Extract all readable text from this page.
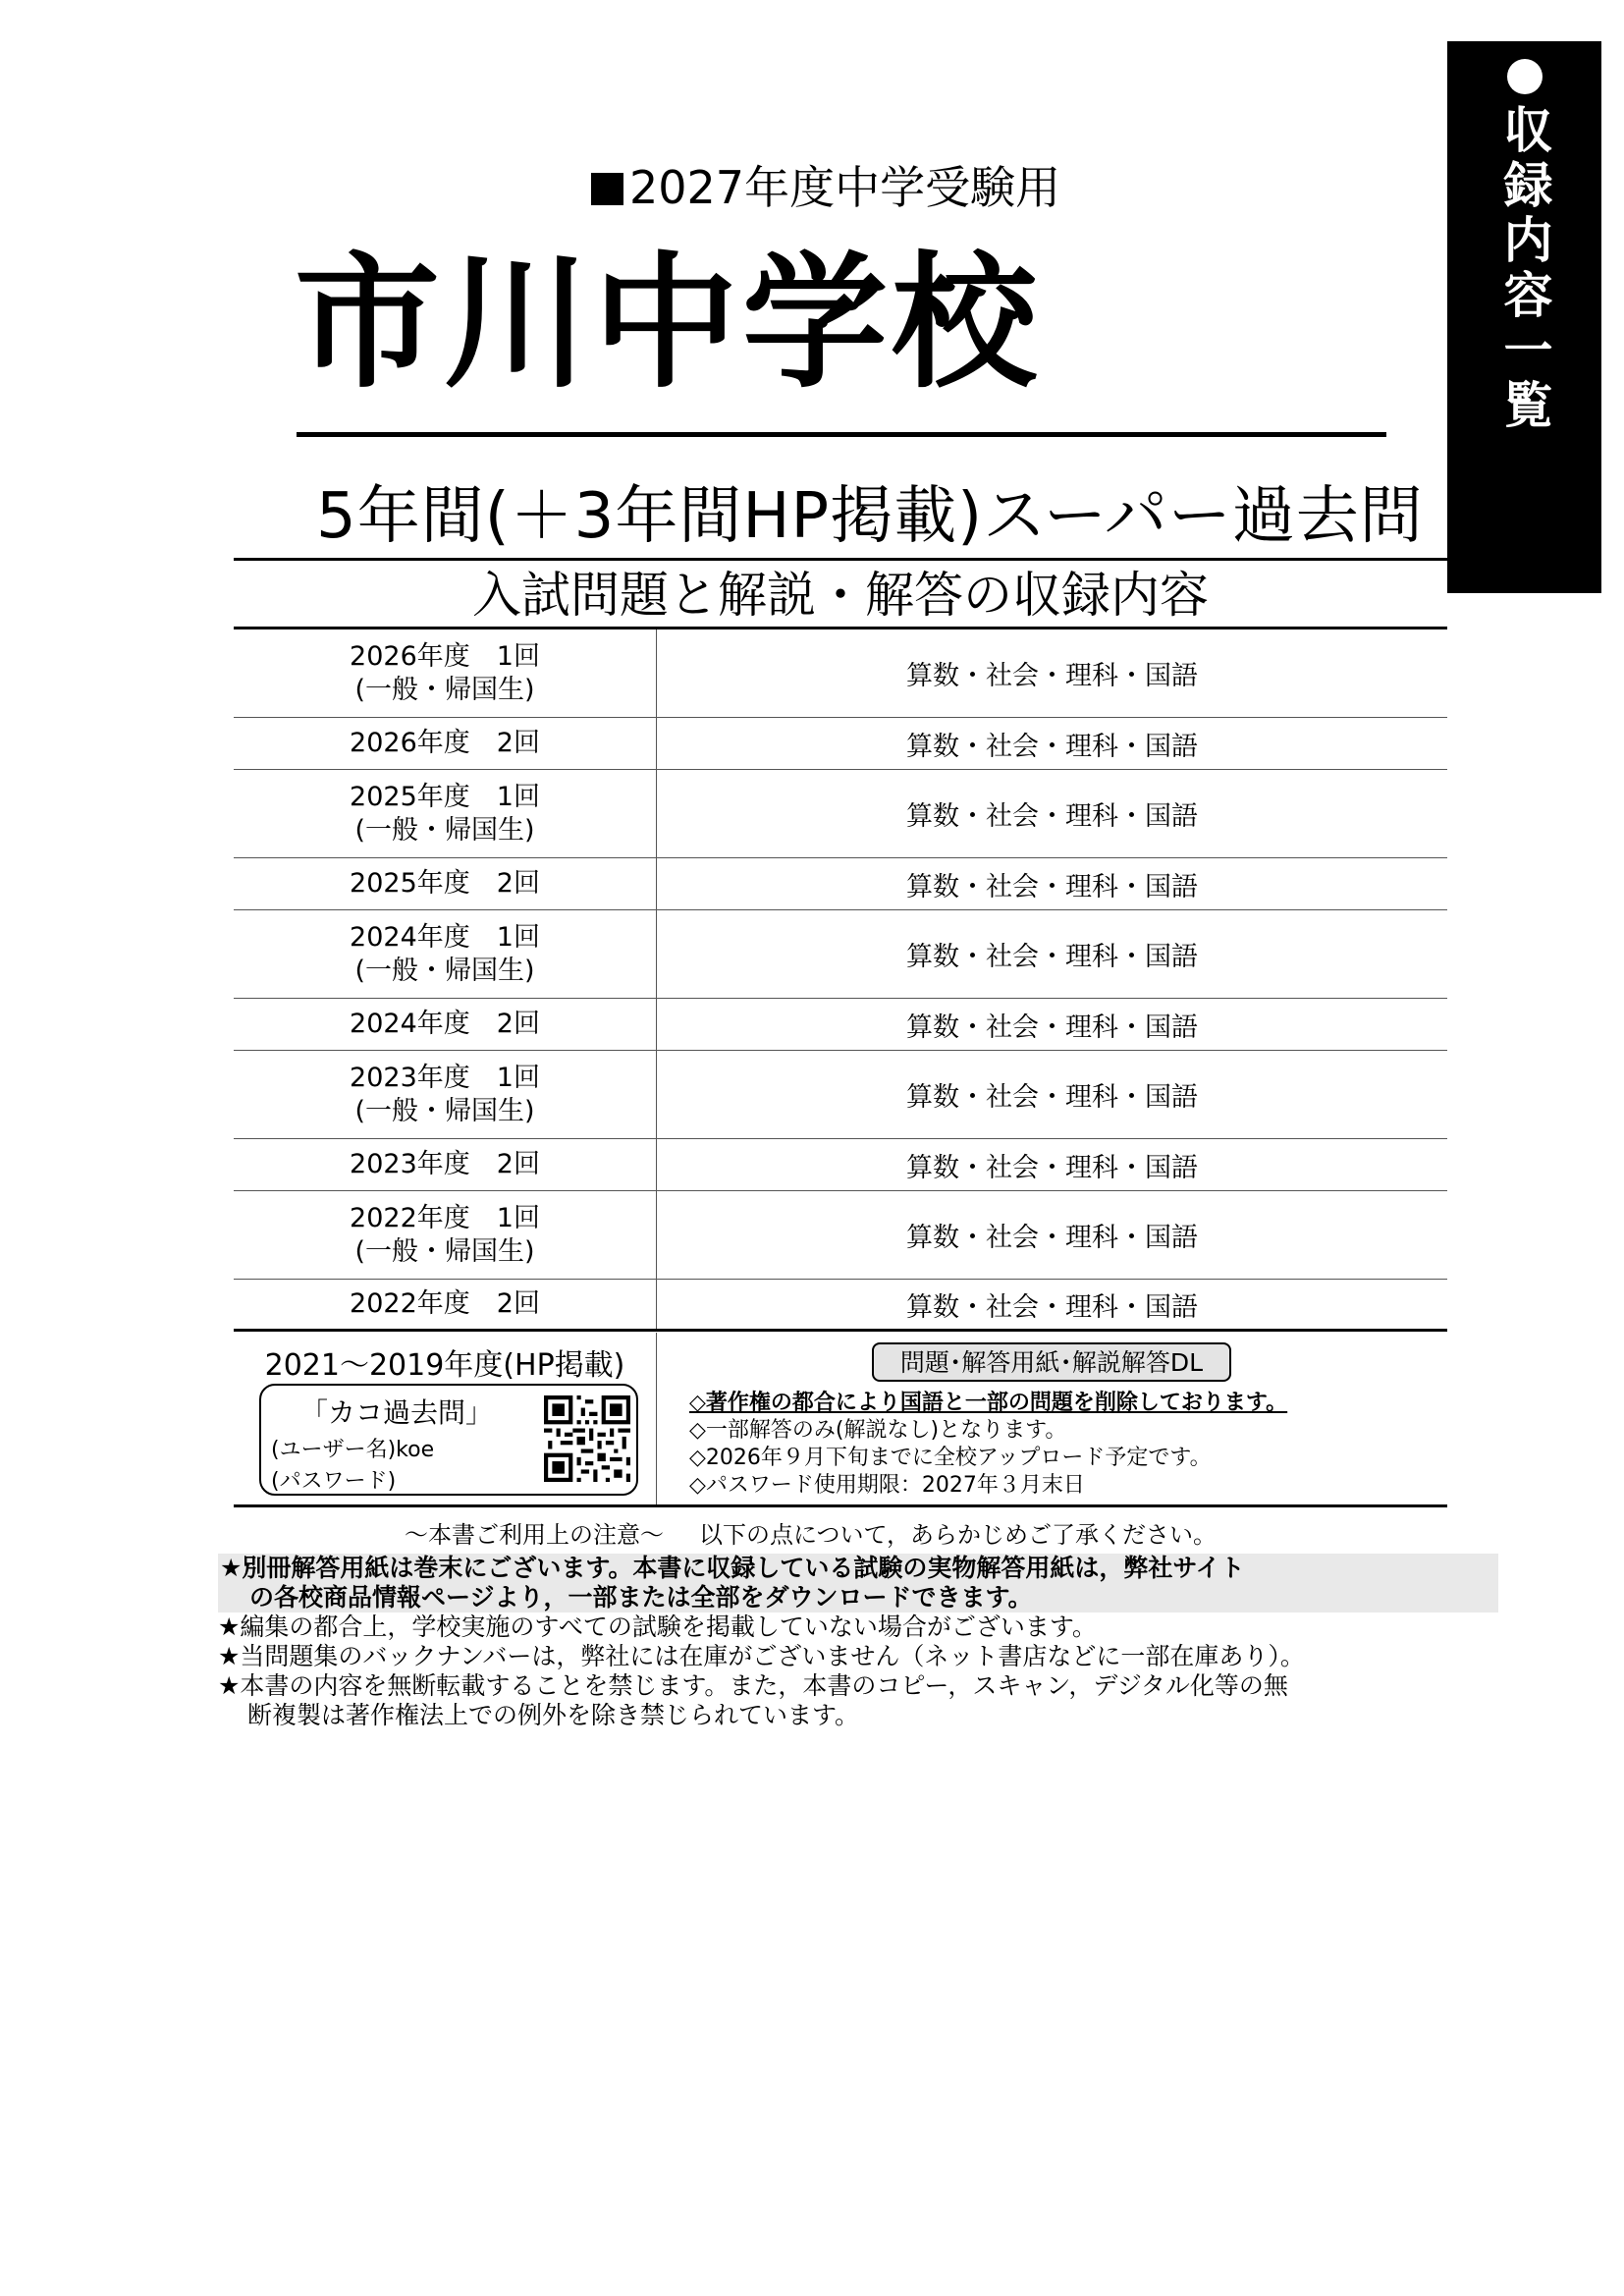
収録内容一覧
2027年度中学受験用
市川中学校
5年間(＋3年間HP掲載)スーパー過去問
入試問題と解説・解答の収録内容
2026年度　1回
(一般・帰国生)	算数・社会・理科・国語
2026年度　2回	算数・社会・理科・国語
2025年度　1回
(一般・帰国生)	算数・社会・理科・国語
2025年度　2回	算数・社会・理科・国語
2024年度　1回
(一般・帰国生)	算数・社会・理科・国語
2024年度　2回	算数・社会・理科・国語
2023年度　1回
(一般・帰国生)	算数・社会・理科・国語
2023年度　2回	算数・社会・理科・国語
2022年度　1回
(一般・帰国生)	算数・社会・理科・国語
2022年度　2回	算数・社会・理科・国語
2021～2019年度(HP掲載)
「カコ過去問」
(ユーザー名)koe
(パスワード)
問題･解答用紙･解説解答DL
◇著作権の都合により国語と一部の問題を削除しております。
◇一部解答のみ(解説なし)となります。
◇2026年９月下旬までに全校アップロード予定です。
◇パスワード使用期限：2027年３月末日
～本書ご利用上の注意～ 以下の点について，あらかじめご了承ください。
★別冊解答用紙は巻末にございます。本書に収録している試験の実物解答用紙は，弊社サイト
の各校商品情報ページより，一部または全部をダウンロードできます。
★編集の都合上，学校実施のすべての試験を掲載していない場合がございます。
★当問題集のバックナンバーは，弊社には在庫がございません（ネット書店などに一部在庫あり）。
★本書の内容を無断転載することを禁じます。また，本書のコピー，スキャン，デジタル化等の無
断複製は著作権法上での例外を除き禁じられています。
